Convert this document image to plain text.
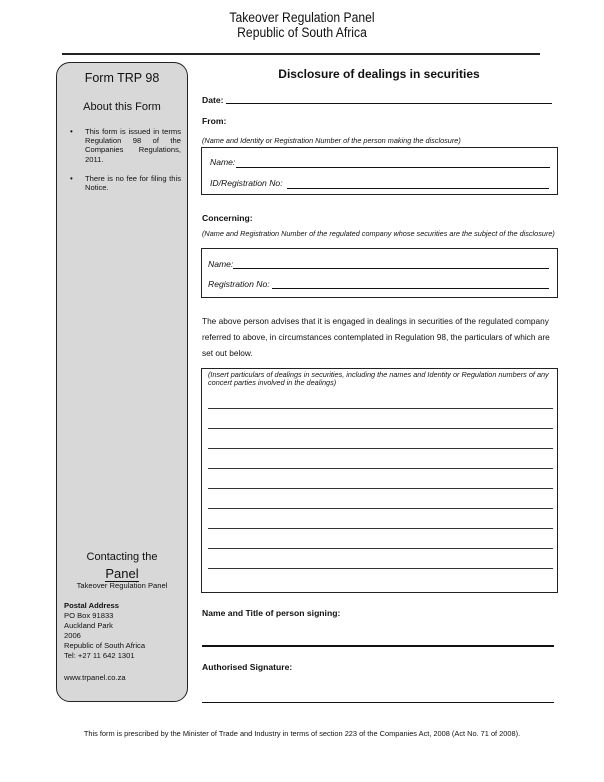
Takeover Regulation Panel
Republic of South Africa
Form TRP 98
About this Form
• This form is issued in terms Regulation 98 of the Companies Regulations, 2011.
• There is no fee for filing this Notice.
Contacting the
Panel
Takeover Regulation Panel
Postal Address
PO Box 91833
Auckland Park
2006
Republic of South Africa
Tel: +27 11 642 1301
www.trpanel.co.za
Disclosure of dealings in securities
Date:
From:
(Name and Identity or Registration Number of the person making the disclosure)
Name:
ID/Registration No:
Concerning:
(Name and Registration Number of the regulated company whose securities are the subject of the disclosure)
Name:
Registration No:
The above person advises that it is engaged in dealings in securities of the regulated company referred to above, in circumstances contemplated in Regulation 98, the particulars of which are set out below.
(Insert particulars of dealings in securities, including the names and Identity or Regulation numbers of any concert parties involved in the dealings)
Name and Title of person signing:
Authorised Signature:
This form is prescribed by the Minister of Trade and Industry in terms of section 223 of the Companies Act, 2008 (Act No. 71 of 2008).
